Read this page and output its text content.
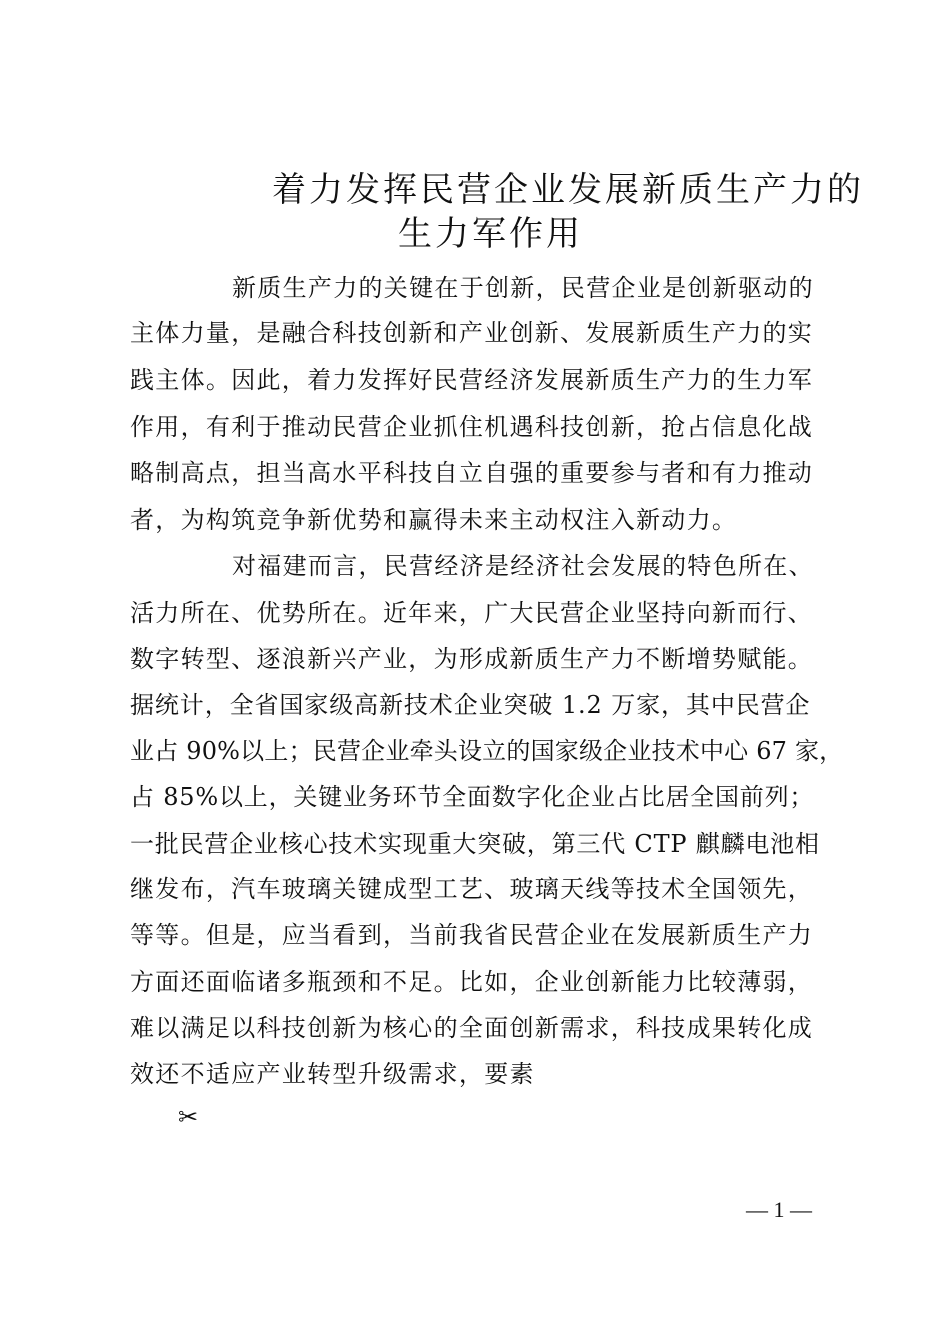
着力发挥民营企业发展新质生产力的
生力军作用
新质生产力的关键在于创新，民营企业是创新驱动的
主体力量，是融合科技创新和产业创新、发展新质生产力的实
践主体。因此，着力发挥好民营经济发展新质生产力的生力军
作用，有利于推动民营企业抓住机遇科技创新，抢占信息化战
略制高点，担当高水平科技自立自强的重要参与者和有力推动
者，为构筑竞争新优势和赢得未来主动权注入新动力。
对福建而言，民营经济是经济社会发展的特色所在、
活力所在、优势所在。近年来，广大民营企业坚持向新而行、
数字转型、逐浪新兴产业，为形成新质生产力不断增势赋能。
据统计，全省国家级高新技术企业突破 1.2 万家，其中民营企
业占 90%以上；民营企业牵头设立的国家级企业技术中心 67 家，
占 85%以上，关键业务环节全面数字化企业占比居全国前列；
一批民营企业核心技术实现重大突破，第三代 CTP 麒麟电池相
继发布，汽车玻璃关键成型工艺、玻璃天线等技术全国领先，
等等。但是，应当看到，当前我省民营企业在发展新质生产力
方面还面临诸多瓶颈和不足。比如，企业创新能力比较薄弱，
难以满足以科技创新为核心的全面创新需求，科技成果转化成
效还不适应产业转型升级需求，要素
✂
— 1 —
